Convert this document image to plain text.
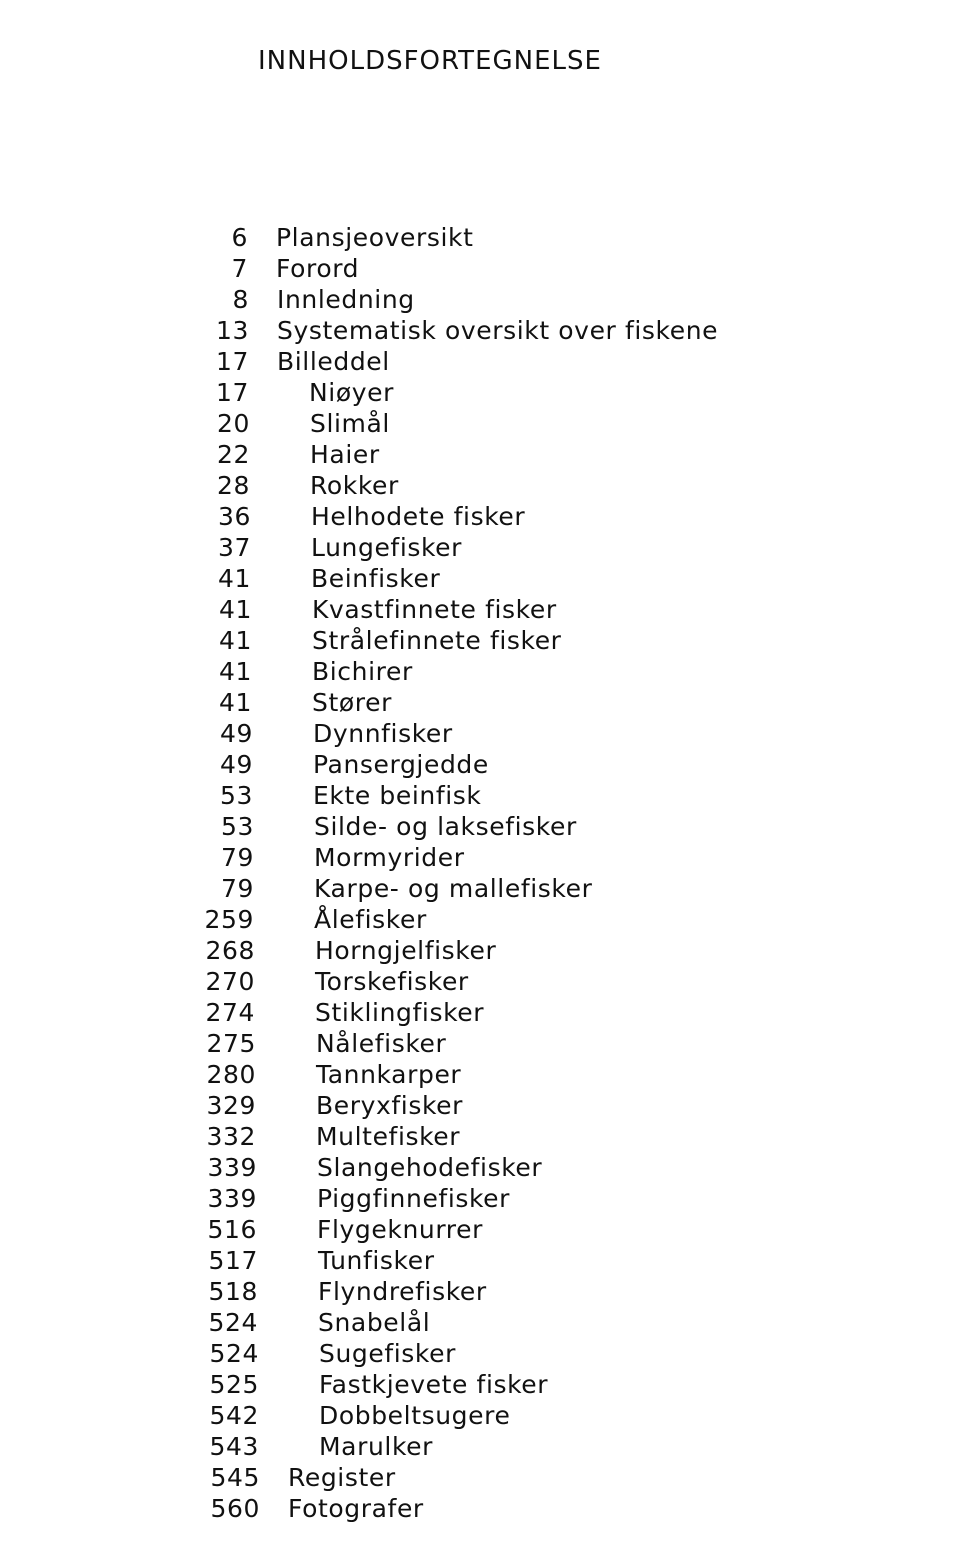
INNHOLDSFORTEGNELSE
6 Plansjeoversikt
7 Forord
8 Innledning
13 Systematisk oversikt over fiskene
17 Billeddel
17 Niøyer
20 Slimål
22 Haier
28 Rokker
36 Helhodete fisker
37 Lungefisker
41 Beinfisker
41 Kvastfinnete fisker
41 Strålefinnete fisker
41 Bichirer
41 Stører
49 Dynnfisker
49 Pansergjedde
53 Ekte beinfisk
53 Silde- og laksefisker
79 Mormyrider
79 Karpe- og mallefisker
259 Ålefisker
268 Horngjelfisker
270 Torskefisker
274 Stiklingfisker
275 Nålefisker
280 Tannkarper
329 Beryxfisker
332 Multefisker
339 Slangehodefisker
339 Piggfinnefisker
516 Flygeknurrer
517 Tunfisker
518 Flyndrefisker
524 Snabelål
524 Sugefisker
525 Fastkjevete fisker
542 Dobbeltsugere
543 Marulker
545 Register
560 Fotografer
